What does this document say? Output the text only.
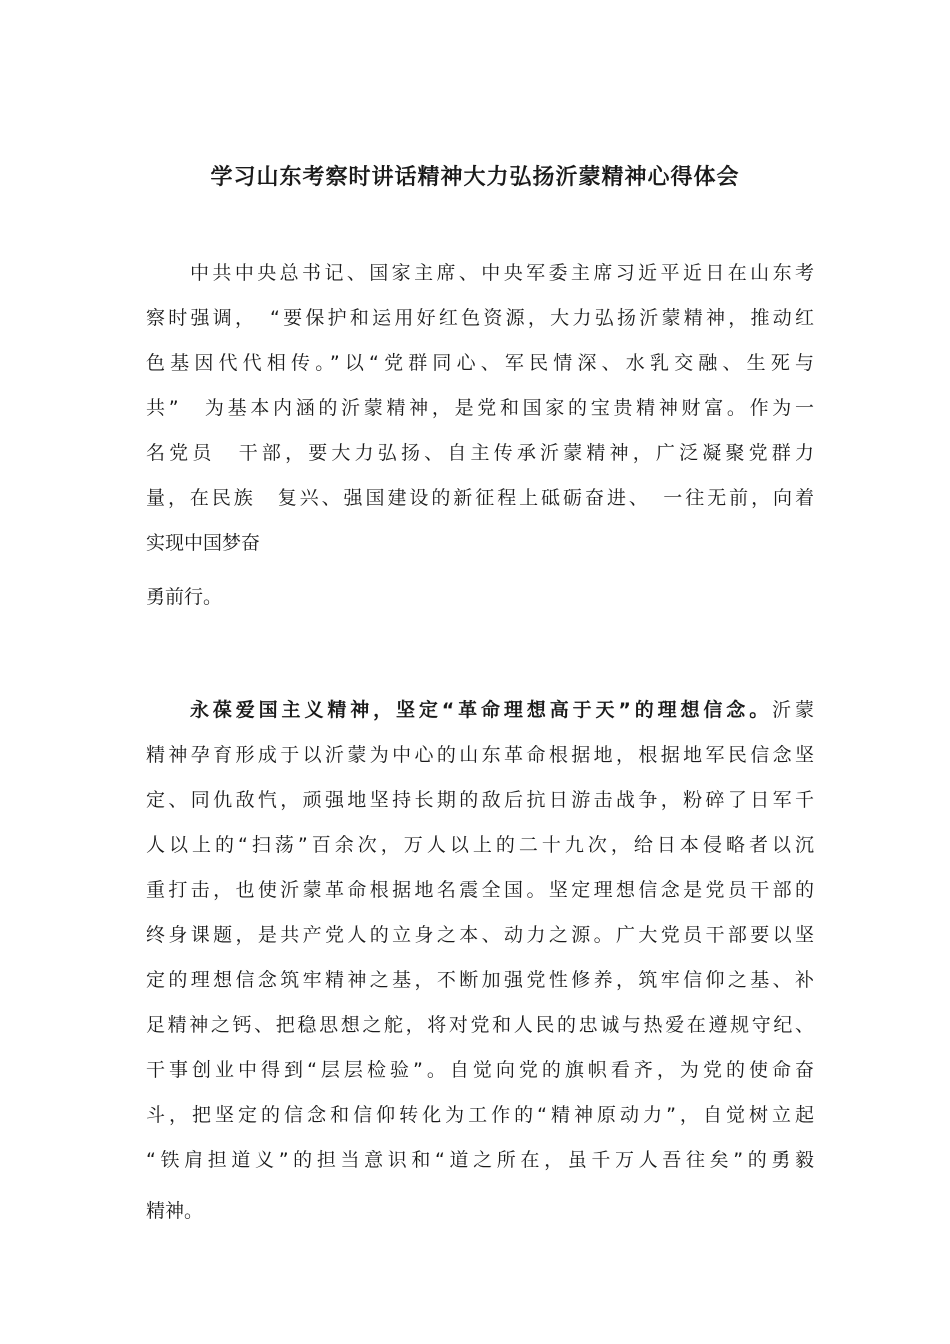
学习山东考察时讲话精神大力弘扬沂蒙精神心得体会
中共中央总书记、国家主席、中央军委主席习近平近日在山东考
察时强调，　“要保护和运用好红色资源，大力弘扬沂蒙精神，推动红
色基因代代相传。”以“党群同心、军民情深、水乳交融、生死与
共”　为基本内涵的沂蒙精神，是党和国家的宝贵精神财富。作为一
名党员　干部，要大力弘扬、自主传承沂蒙精神，广泛凝聚党群力
量，在民族　复兴、强国建设的新征程上砥砺奋进、　一往无前，向着
实现中国梦奋
勇前行。
永葆爱国主义精神，坚定“革命理想高于天”的理想信念。沂蒙
精神孕育形成于以沂蒙为中心的山东革命根据地，根据地军民信念坚
定、同仇敌忾，顽强地坚持长期的敌后抗日游击战争，粉碎了日军千
人以上的“扫荡”百余次，万人以上的二十九次，给日本侵略者以沉
重打击，也使沂蒙革命根据地名震全国。坚定理想信念是党员干部的
终身课题，是共产党人的立身之本、动力之源。广大党员干部要以坚
定的理想信念筑牢精神之基，不断加强党性修养，筑牢信仰之基、补
足精神之钙、把稳思想之舵，将对党和人民的忠诚与热爱在遵规守纪、
干事创业中得到“层层检验”。自觉向党的旗帜看齐，为党的使命奋
斗，把坚定的信念和信仰转化为工作的“精神原动力”，自觉树立起
“铁肩担道义”的担当意识和“道之所在，虽千万人吾往矣”的勇毅
精神。
